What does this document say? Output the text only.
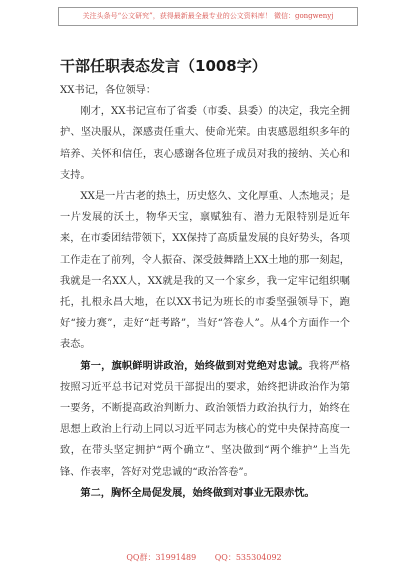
关注头条号“公文研究”，获得最新最全最专业的公文资料库！ 微信：gongwenyj
干部任职表态发言（1008字）

XX书记，各位领导：

刚才，XX书记宣布了省委（市委、县委）的决定，我完全拥护、坚决服从，深感责任重大、使命光荣。由衷感恩组织多年的培养、关怀和信任，衷心感谢各位班子成员对我的接纳、关心和支持。

XX是一片古老的热土，历史悠久、文化厚重、人杰地灵；是一片发展的沃土，物华天宝，禀赋独有、潜力无限特别是近年来，在市委团结带领下，XX保持了高质量发展的良好势头，各项工作走在了前列，令人振奋、深受鼓舞踏上XX土地的那一刻起，我就是一名XX人，XX就是我的又一个家乡，我一定牢记组织嘱托，扎根永昌大地，在以XX书记为班长的市委坚强领导下，跑好“接力赛”，走好“赶考路”，当好“答卷人”。从4个方面作一个表态。

第一，旗帜鲜明讲政治，始终做到对党绝对忠诚。我将严格按照习近平总书记对党员干部提出的要求，始终把讲政治作为第一要务，不断提高政治判断力、政治领悟力政治执行力，始终在思想上政治上行动上同以习近平同志为核心的党中央保持高度一致，在带头坚定拥护“两个确立”、坚决做到“两个维护”上当先锋、作表率，答好对党忠诚的“政治答卷”。

第二，胸怀全局促发展，始终做到对事业无限赤忱。

QQ群：31991489 QQ：535304092
